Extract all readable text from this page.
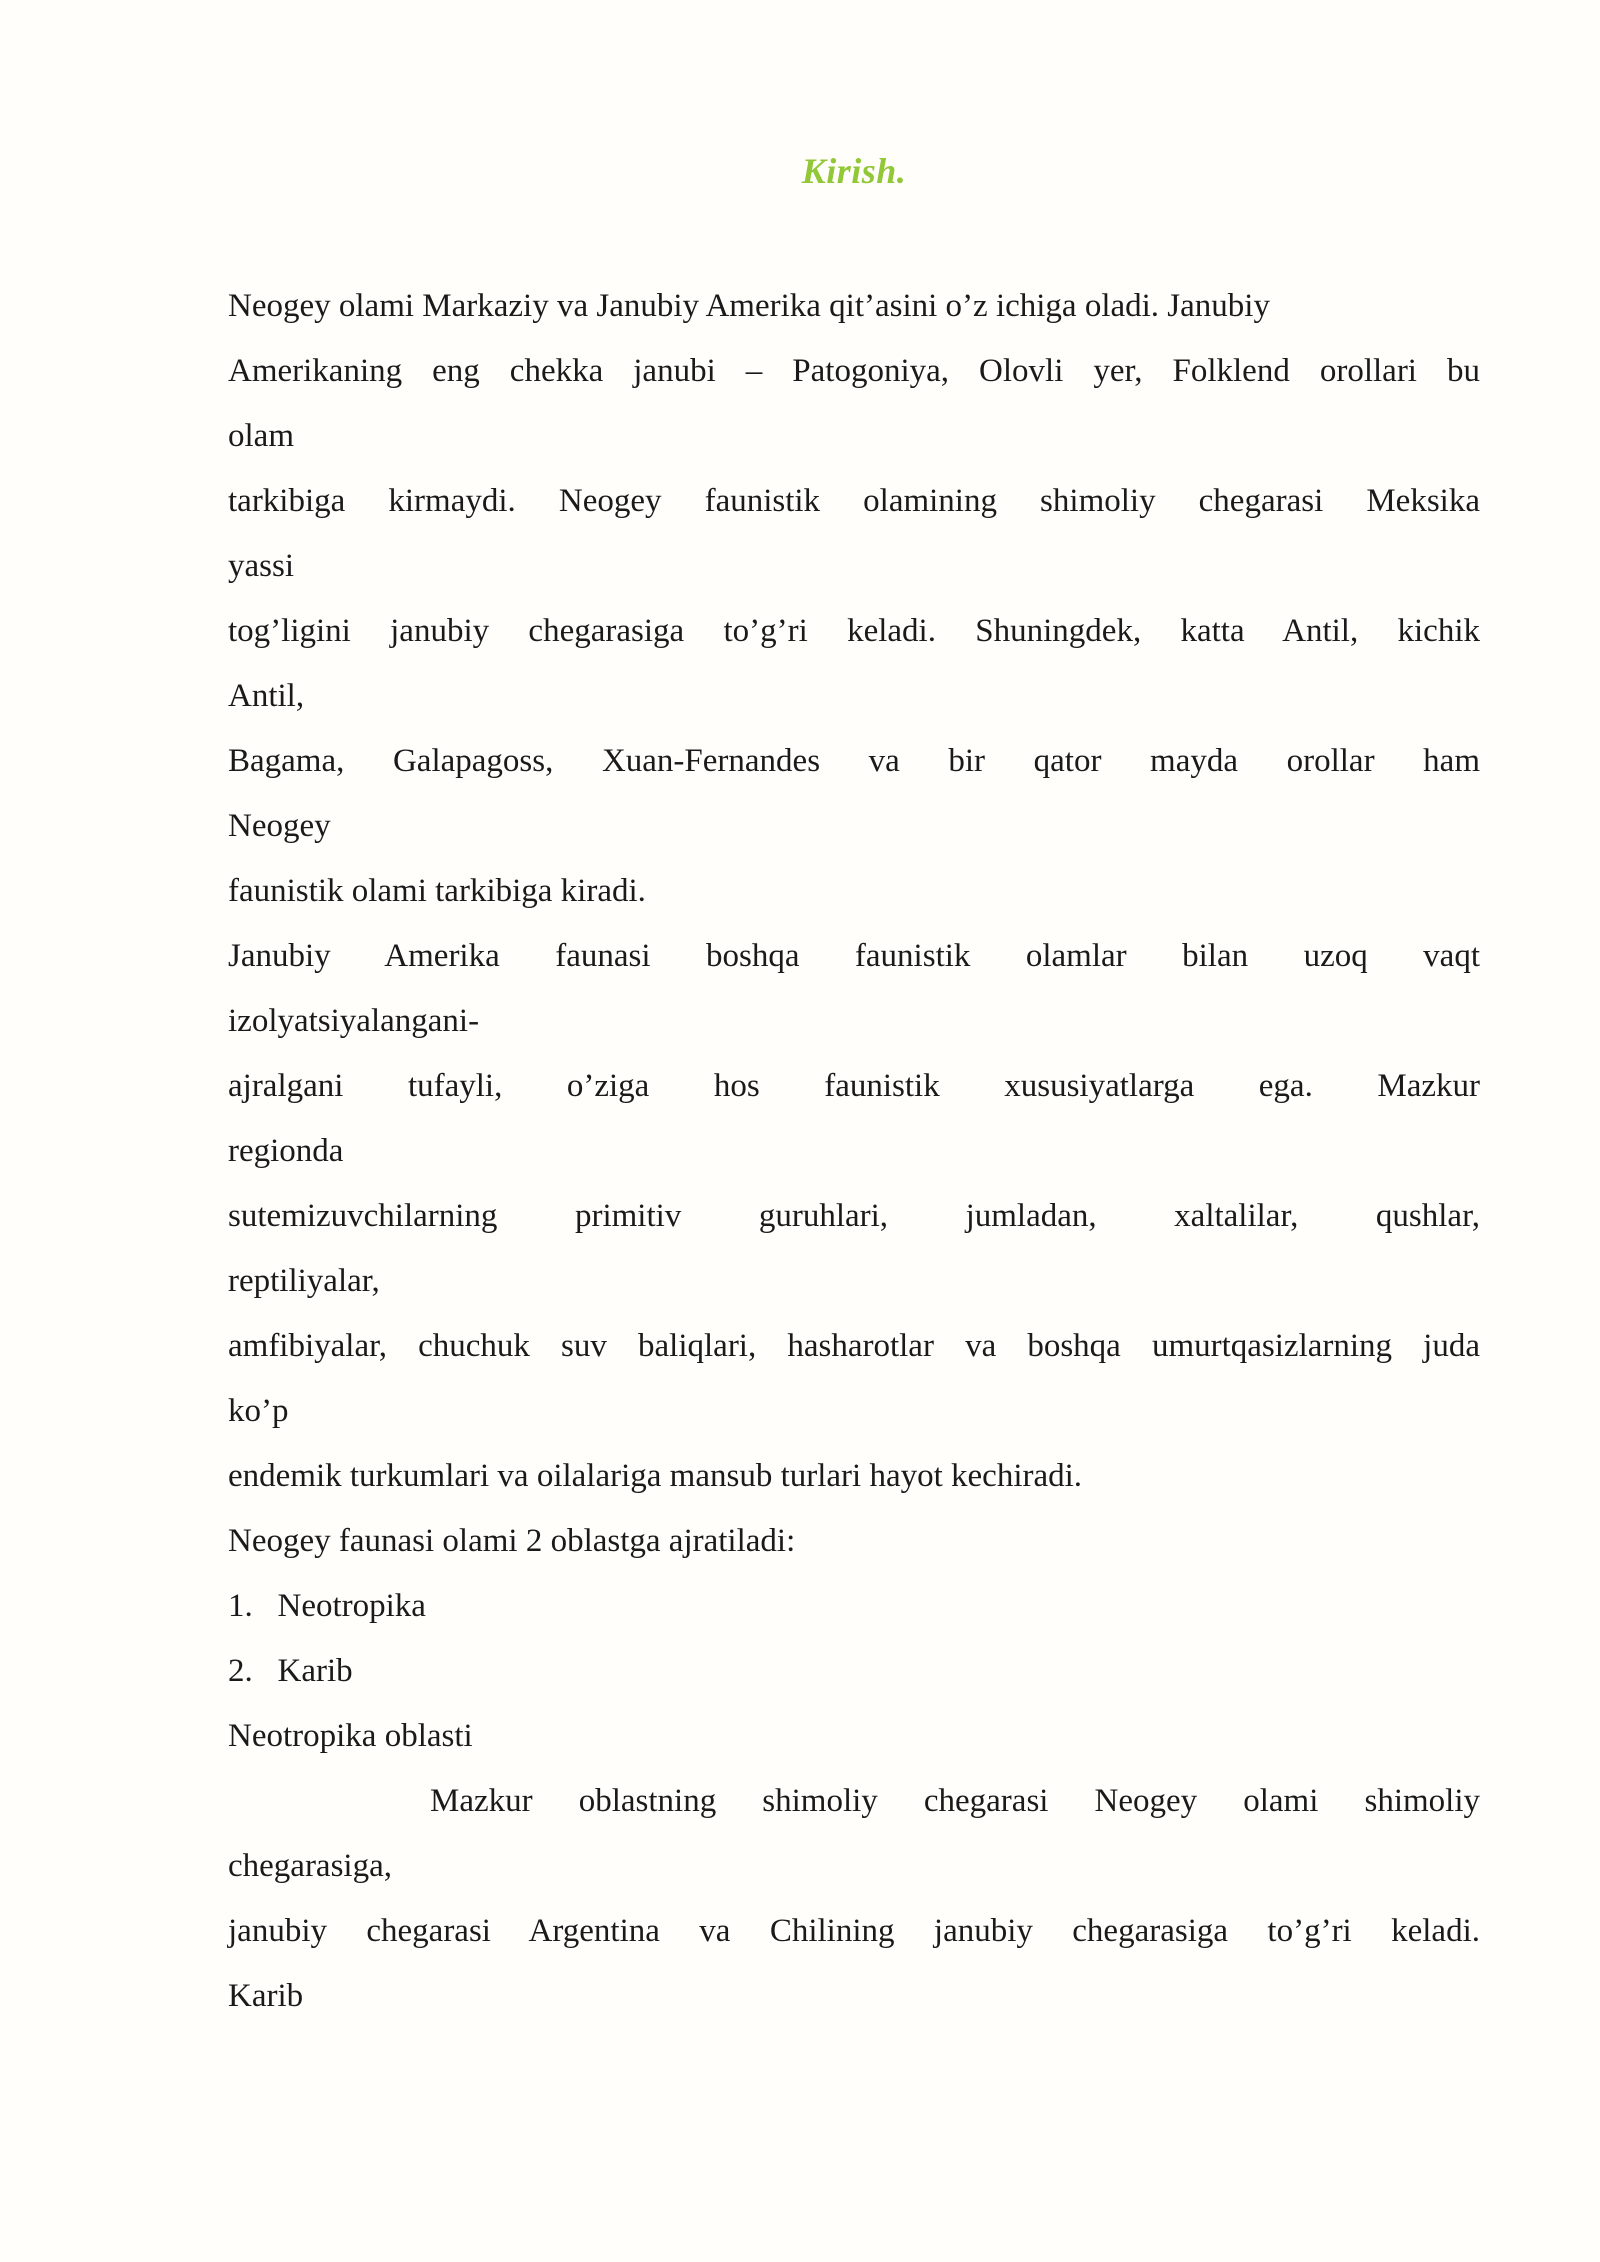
Kirish.
Neogey olami Markaziy va Janubiy Amerika qit’asini o’z ichiga oladi. Janubiy
Amerikaning eng chekka janubi – Patogoniya, Olovli yer, Folklend orollari bu
olam
tarkibiga kirmaydi. Neogey faunistik olamining shimoliy chegarasi Meksika
yassi
tog’ligini janubiy chegarasiga to’g’ri keladi. Shuningdek, katta Antil, kichik
Antil,
Bagama, Galapagoss, Xuan-Fernandes va bir qator mayda orollar ham
Neogey
faunistik olami tarkibiga kiradi.
Janubiy Amerika faunasi boshqa faunistik olamlar bilan uzoq vaqt
izolyatsiyalangani-
ajralgani tufayli, o’ziga hos faunistik xususiyatlarga ega. Mazkur
regionda
sutemizuvchilarning primitiv guruhlari, jumladan, xaltalilar, qushlar,
reptiliyalar,
amfibiyalar, chuchuk suv baliqlari, hasharotlar va boshqa umurtqasizlarning juda
ko’p
endemik turkumlari va oilalariga mansub turlari hayot kechiradi.
Neogey faunasi olami 2 oblastga ajratiladi:
1.   Neotropika
2.   Karib
Neotropika oblasti
Mazkur oblastning shimoliy chegarasi Neogey olami shimoliy
chegarasiga,
janubiy chegarasi Argentina va Chilining janubiy chegarasiga to’g’ri keladi.
Karib
